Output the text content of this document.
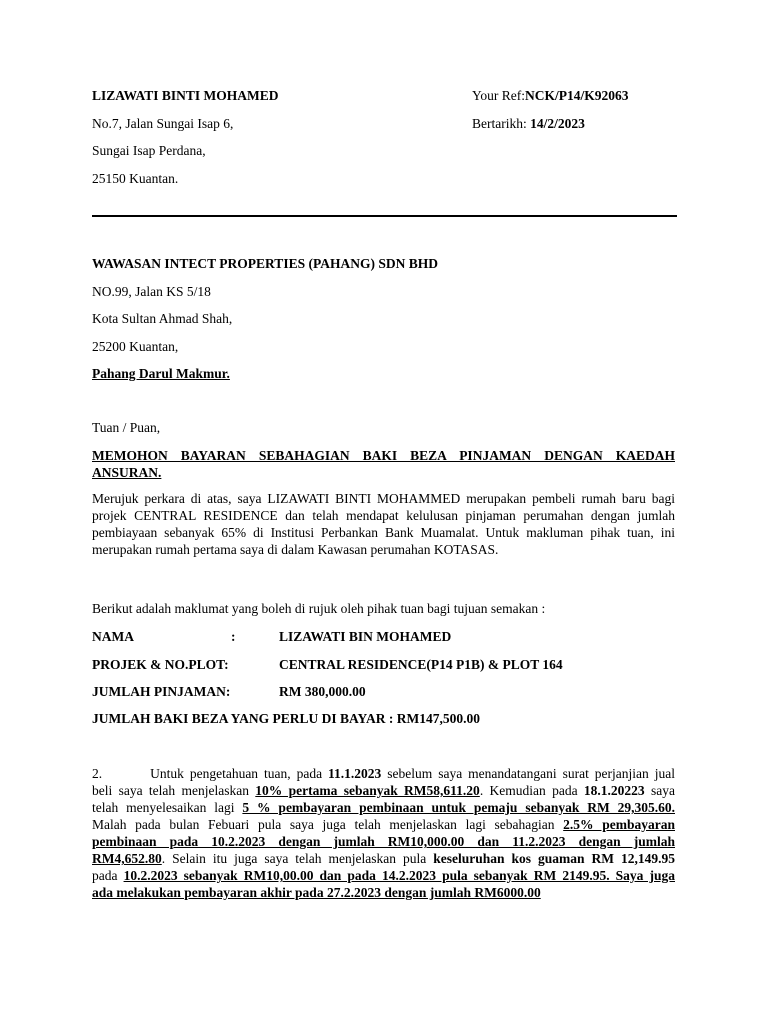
LIZAWATI BINTI MOHAMED
No.7, Jalan Sungai Isap 6,
Sungai Isap Perdana,
25150 Kuantan.
Your Ref:NCK/P14/K92063
Bertarikh: 14/2/2023
WAWASAN INTECT PROPERTIES (PAHANG) SDN BHD
NO.99, Jalan KS 5/18
Kota Sultan Ahmad Shah,
25200 Kuantan,
Pahang Darul Makmur.
Tuan / Puan,
MEMOHON BAYARAN SEBAHAGIAN BAKI BEZA PINJAMAN DENGAN KAEDAH
ANSURAN.
Merujuk perkara di atas, saya LIZAWATI BINTI MOHAMMED merupakan pembeli rumah baru bagi
projek CENTRAL RESIDENCE dan telah mendapat kelulusan pinjaman perumahan dengan jumlah
pembiayaan sebanyak 65% di Institusi Perbankan Bank Muamalat. Untuk makluman pihak tuan, ini
merupakan rumah pertama saya di dalam Kawasan perumahan KOTASAS.
Berikut adalah maklumat yang boleh di rujuk oleh pihak tuan bagi tujuan semakan :
NAMA	:	LIZAWATI BIN MOHAMED
PROJEK & NO.PLOT:	CENTRAL RESIDENCE(P14 P1B) & PLOT 164
JUMLAH PINJAMAN:	RM 380,000.00
JUMLAH BAKI BEZA YANG PERLU DI BAYAR : RM147,500.00
2.	Untuk pengetahuan tuan, pada 11.1.2023 sebelum saya menandatangani surat perjanjian jual
beli saya telah menjelaskan 10% pertama sebanyak RM58,611.20. Kemudian pada 18.1.20223 saya
telah menyelesaikan lagi 5 % pembayaran pembinaan untuk pemaju sebanyak RM 29,305.60.
Malah pada bulan Febuari pula saya juga telah menjelaskan lagi sebahagian 2.5% pembayaran
pembinaan pada 10.2.2023 dengan jumlah RM10,000.00 dan 11.2.2023 dengan jumlah
RM4,652.80. Selain itu juga saya telah menjelaskan pula keseluruhan kos guaman RM 12,149.95
pada 10.2.2023 sebanyak RM10,00.00 dan pada 14.2.2023 pula sebanyak RM 2149.95. Saya juga
ada melakukan pembayaran akhir pada 27.2.2023 dengan jumlah RM6000.00
